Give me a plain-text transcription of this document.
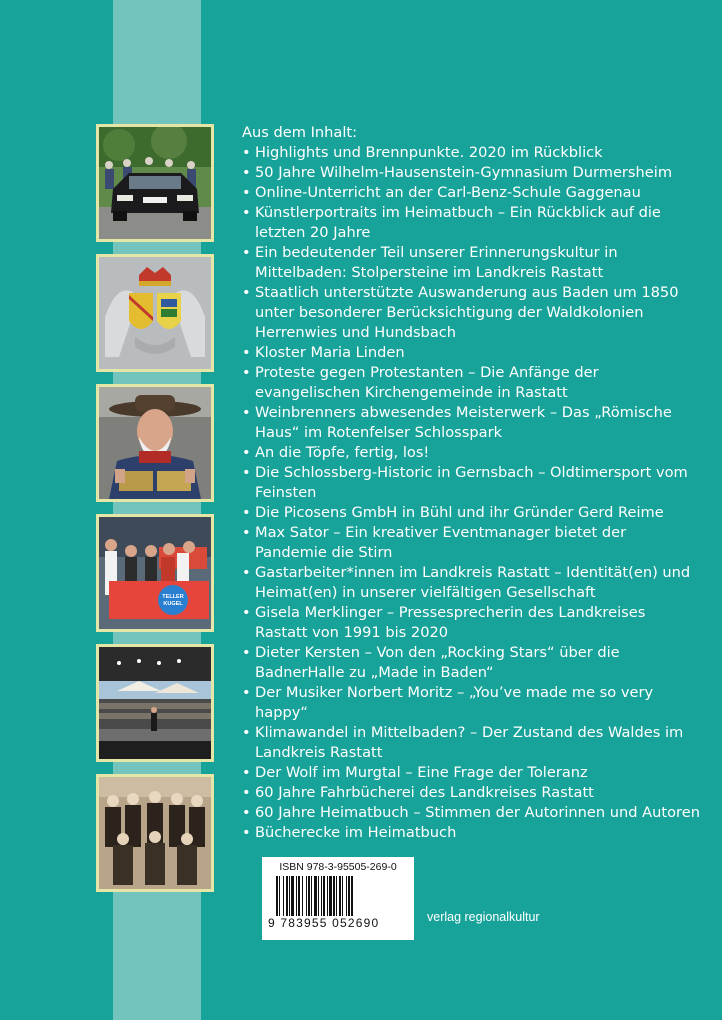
TELLER
KUGEL

Aus dem Inhalt:

• Highlights und Brennpunkte. 2020 im Rückblick
• 50 Jahre Wilhelm-Hausenstein-Gymnasium Durmersheim
• Online-Unterricht an der Carl-Benz-Schule Gaggenau
• Künstlerportraits im Heimatbuch – Ein Rückblick auf die letzten 20 Jahre
• Ein bedeutender Teil unserer Erinnerungskultur in Mittelbaden: Stolpersteine im Landkreis Rastatt
• Staatlich unterstützte Auswanderung aus Baden um 1850 unter besonderer Berücksichtigung der Waldkolonien Herrenwies und Hundsbach
• Kloster Maria Linden
• Proteste gegen Protestanten – Die Anfänge der evangelischen Kirchengemeinde in Rastatt
• Weinbrenners abwesendes Meisterwerk – Das „Römische Haus“ im Rotenfelser Schlosspark
• An die Töpfe, fertig, los!
• Die Schlossberg-Historic in Gernsbach – Oldtimersport vom Feinsten
• Die Picosens GmbH in Bühl und ihr Gründer Gerd Reime
• Max Sator – Ein kreativer Eventmanager bietet der Pandemie die Stirn
• Gastarbeiter*innen im Landkreis Rastatt – Identität(en) und Heimat(en) in unserer vielfältigen Gesellschaft
• Gisela Merklinger – Pressesprecherin des Landkreises Rastatt von 1991 bis 2020
• Dieter Kersten – Von den „Rocking Stars“ über die BadnerHalle zu „Made in Baden“
• Der Musiker Norbert Moritz – „You’ve made me so very happy“
• Klimawandel in Mittelbaden? – Der Zustand des Waldes im Landkreis Rastatt
• Der Wolf im Murgtal – Eine Frage der Toleranz
• 60 Jahre Fahrbücherei des Landkreises Rastatt
• 60 Jahre Heimatbuch – Stimmen der Autorinnen und Autoren
• Bücherecke im Heimatbuch
ISBN 978-3-95505-269-0
9 783955 052690	verlag regionalkultur
